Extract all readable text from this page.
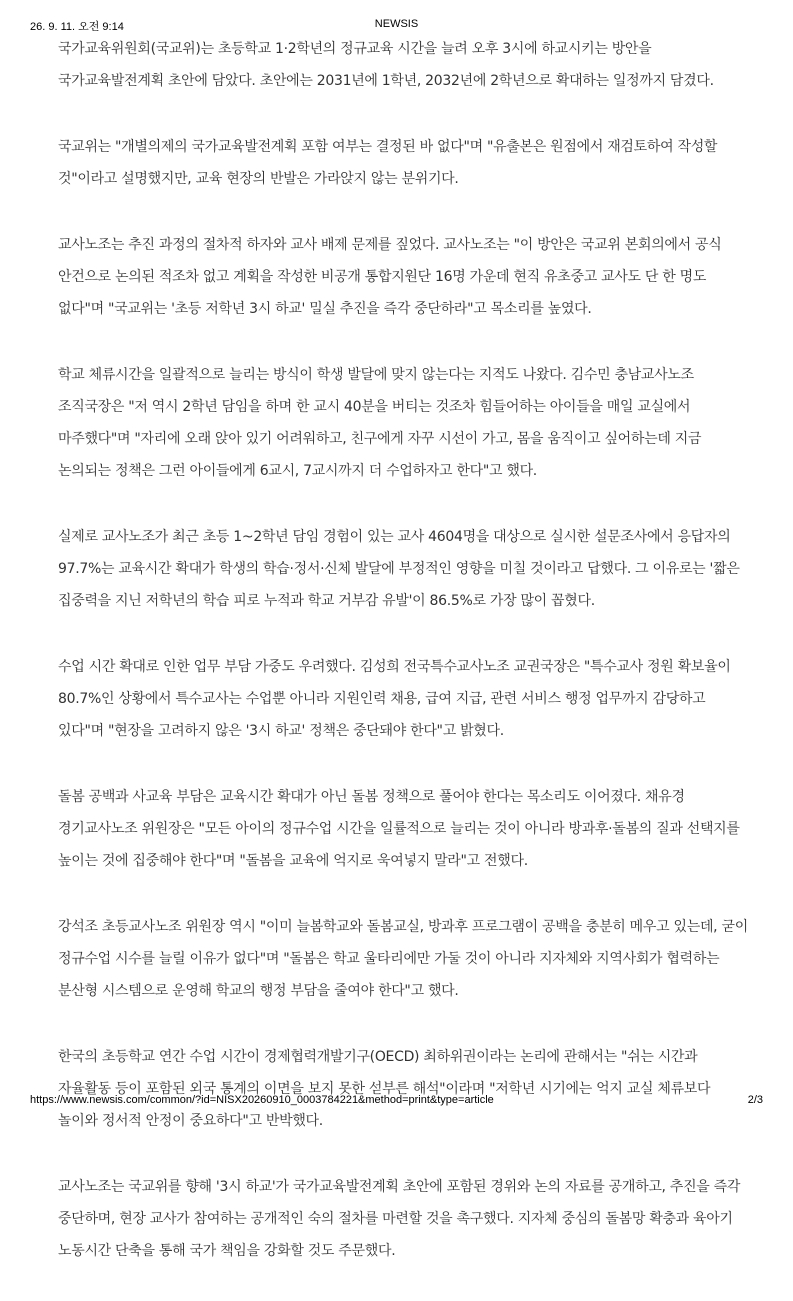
26. 9. 11. 오전 9:14	NEWSIS

국가교육위원회(국교위)는 초등학교 1·2학년의 정규교육 시간을 늘려 오후 3시에 하교시키는 방안을 국가교육발전계획 초안에 담았다. 초안에는 2031년에 1학년, 2032년에 2학년으로 확대하는 일정까지 담겼다.

국교위는 "개별의제의 국가교육발전계획 포함 여부는 결정된 바 없다"며 "유출본은 원점에서 재검토하여 작성할 것"이라고 설명했지만, 교육 현장의 반발은 가라앉지 않는 분위기다.

교사노조는 추진 과정의 절차적 하자와 교사 배제 문제를 짚었다. 교사노조는 "이 방안은 국교위 본회의에서 공식 안건으로 논의된 적조차 없고 계획을 작성한 비공개 통합지원단 16명 가운데 현직 유초중고 교사도 단 한 명도 없다"며 "국교위는 '초등 저학년 3시 하교' 밀실 추진을 즉각 중단하라"고 목소리를 높였다.

학교 체류시간을 일괄적으로 늘리는 방식이 학생 발달에 맞지 않는다는 지적도 나왔다. 김수민 충남교사노조 조직국장은 "저 역시 2학년 담임을 하며 한 교시 40분을 버티는 것조차 힘들어하는 아이들을 매일 교실에서 마주했다"며 "자리에 오래 앉아 있기 어려워하고, 친구에게 자꾸 시선이 가고, 몸을 움직이고 싶어하는데 지금 논의되는 정책은 그런 아이들에게 6교시, 7교시까지 더 수업하자고 한다"고 했다.

실제로 교사노조가 최근 초등 1~2학년 담임 경험이 있는 교사 4604명을 대상으로 실시한 설문조사에서 응답자의 97.7%는 교육시간 확대가 학생의 학습·정서·신체 발달에 부정적인 영향을 미칠 것이라고 답했다. 그 이유로는 '짧은 집중력을 지닌 저학년의 학습 피로 누적과 학교 거부감 유발'이 86.5%로 가장 많이 꼽혔다.

수업 시간 확대로 인한 업무 부담 가중도 우려했다. 김성희 전국특수교사노조 교권국장은 "특수교사 정원 확보율이 80.7%인 상황에서 특수교사는 수업뿐 아니라 지원인력 채용, 급여 지급, 관련 서비스 행정 업무까지 감당하고 있다"며 "현장을 고려하지 않은 '3시 하교' 정책은 중단돼야 한다"고 밝혔다.

돌봄 공백과 사교육 부담은 교육시간 확대가 아닌 돌봄 정책으로 풀어야 한다는 목소리도 이어졌다. 채유경 경기교사노조 위원장은 "모든 아이의 정규수업 시간을 일률적으로 늘리는 것이 아니라 방과후·돌봄의 질과 선택지를 높이는 것에 집중해야 한다"며 "돌봄을 교육에 억지로 욱여넣지 말라"고 전했다.

강석조 초등교사노조 위원장 역시 "이미 늘봄학교와 돌봄교실, 방과후 프로그램이 공백을 충분히 메우고 있는데, 굳이 정규수업 시수를 늘릴 이유가 없다"며 "돌봄은 학교 울타리에만 가둘 것이 아니라 지자체와 지역사회가 협력하는 분산형 시스템으로 운영해 학교의 행정 부담을 줄여야 한다"고 했다.

한국의 초등학교 연간 수업 시간이 경제협력개발기구(OECD) 최하위권이라는 논리에 관해서는 "쉬는 시간과 자율활동 등이 포함된 외국 통계의 이면을 보지 못한 섣부른 해석"이라며 "저학년 시기에는 억지 교실 체류보다 놀이와 정서적 안정이 중요하다"고 반박했다.

교사노조는 국교위를 향해 '3시 하교'가 국가교육발전계획 초안에 포함된 경위와 논의 자료를 공개하고, 추진을 즉각 중단하며, 현장 교사가 참여하는 공개적인 숙의 절차를 마련할 것을 촉구했다. 지자체 중심의 돌봄망 확충과 육아기 노동시간 단축을 통해 국가 책임을 강화할 것도 주문했다.

https://www.newsis.com/common/?id=NISX20260910_0003784221&method=print&type=article	2/3
